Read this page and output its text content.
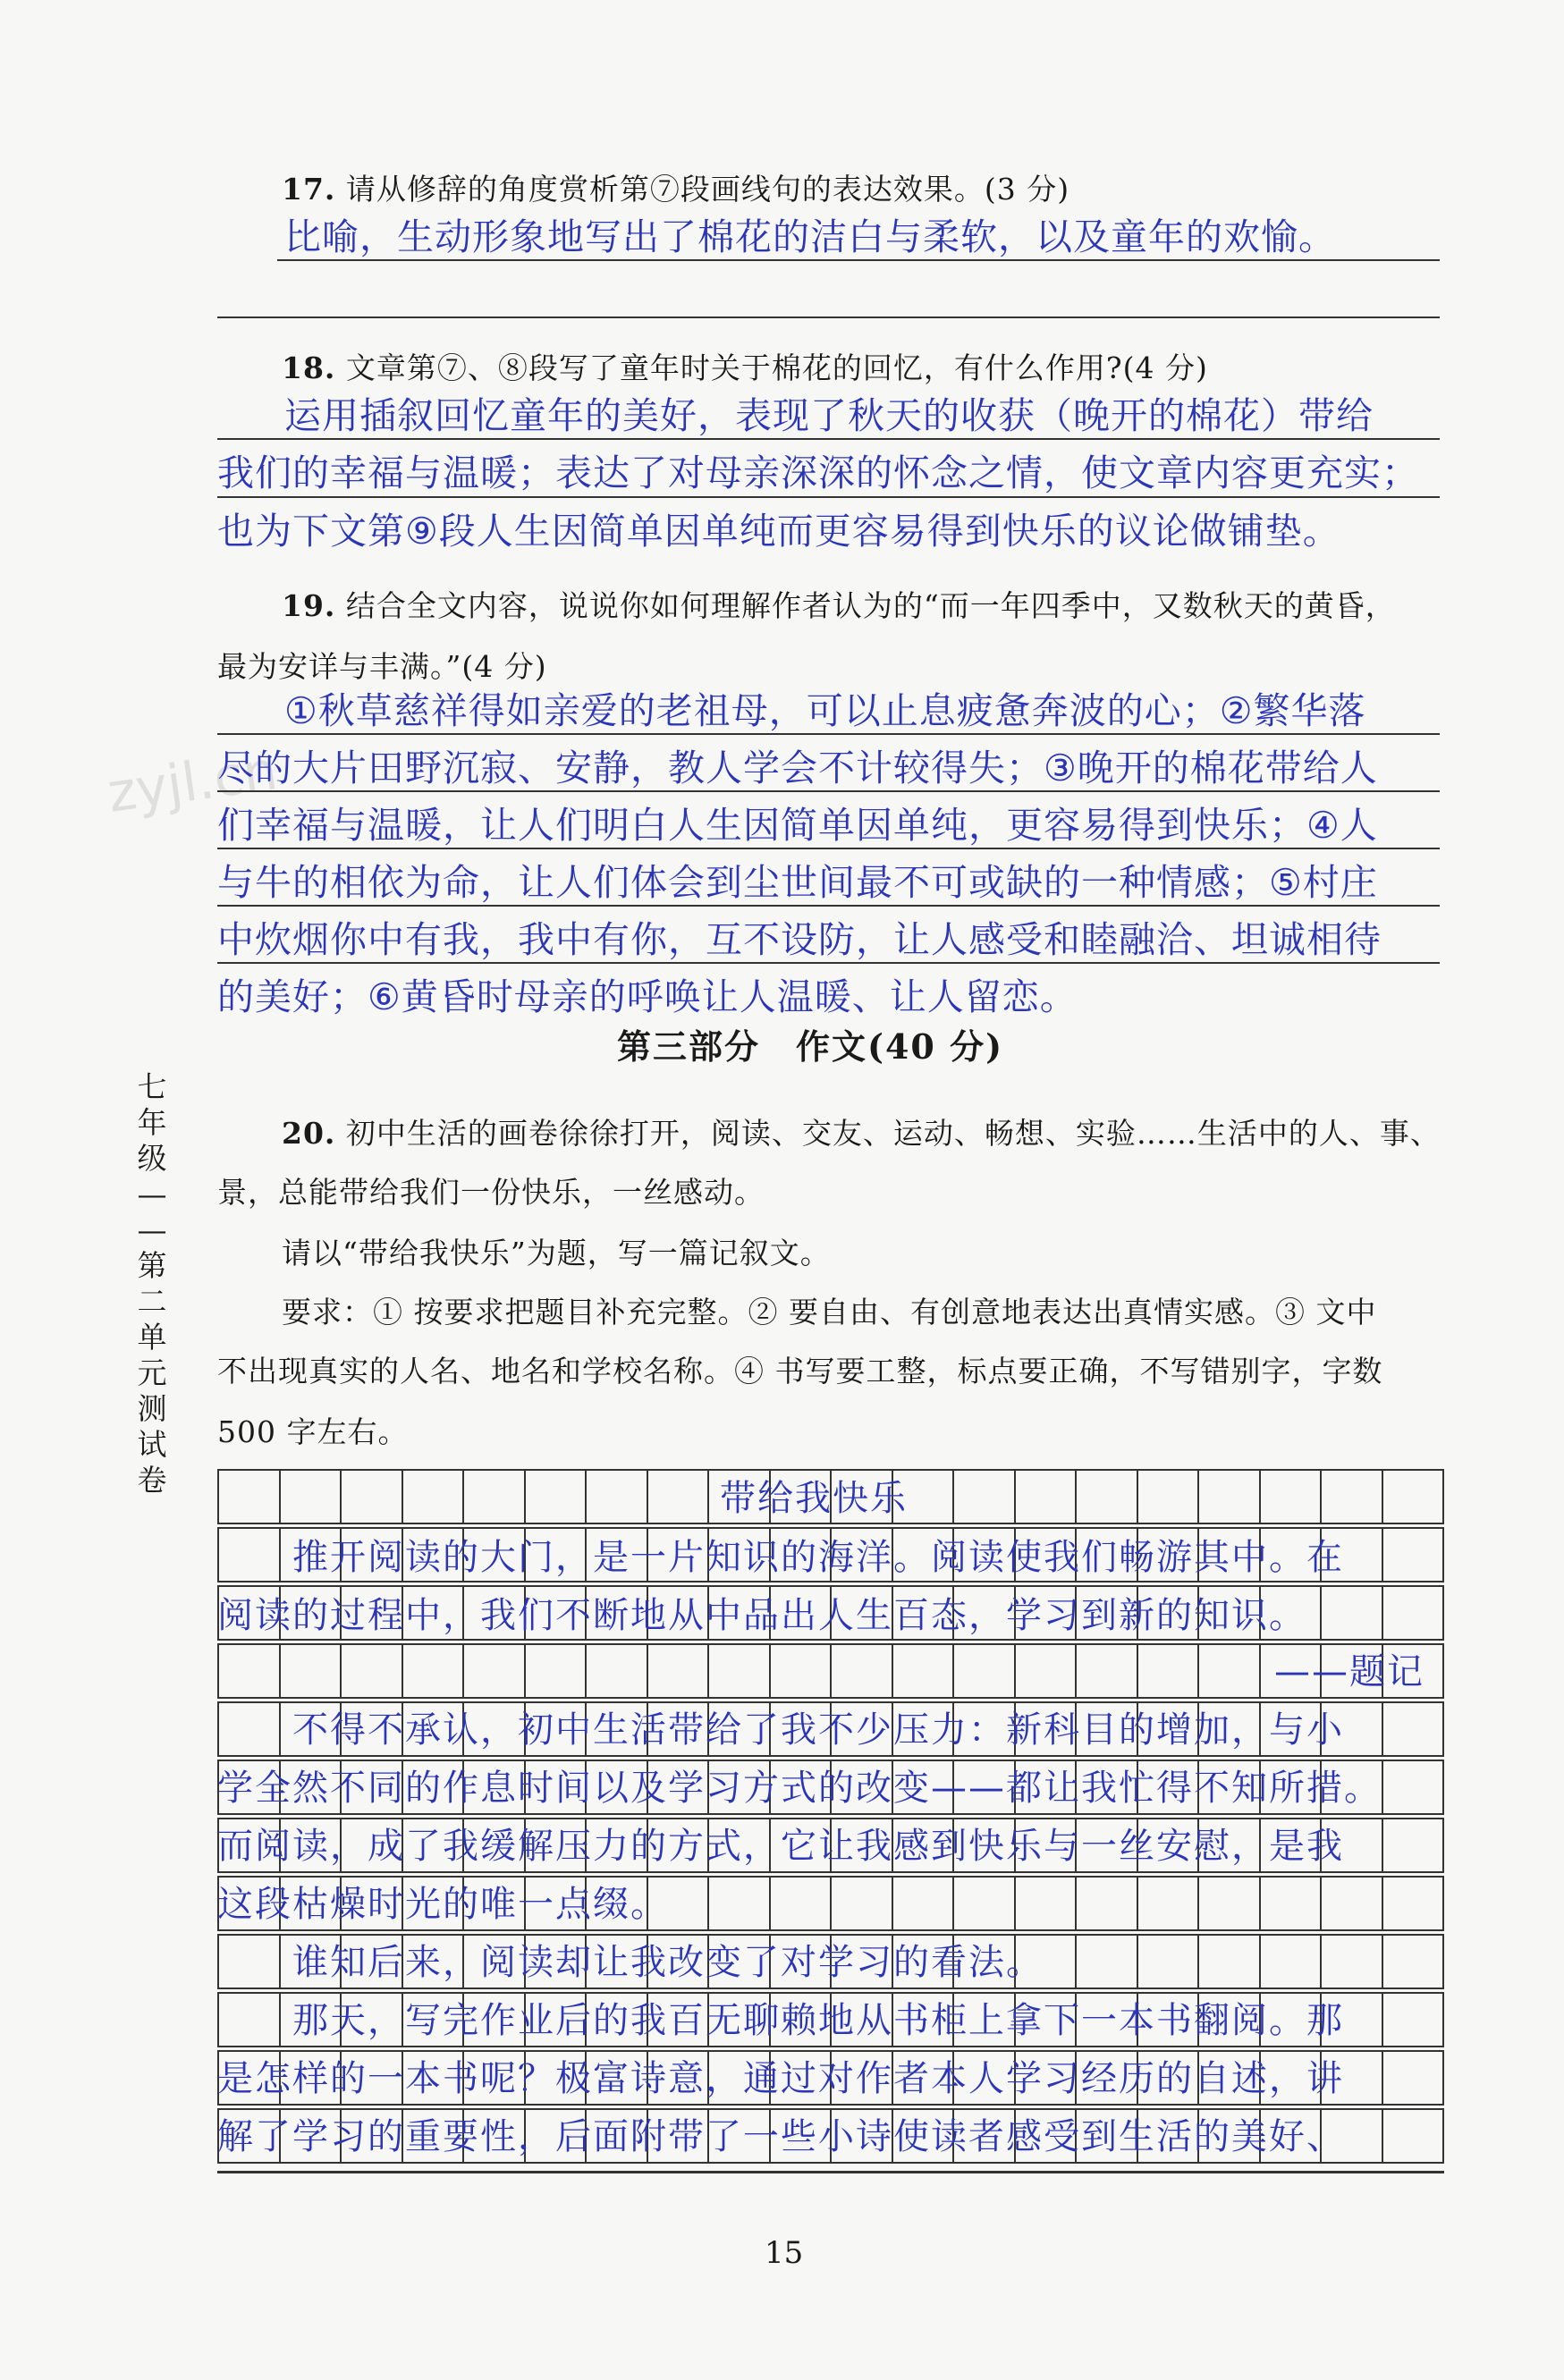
zyjl.cn
17. 请从修辞的角度赏析第⑦段画线句的表达效果。(3 分)
比喻，生动形象地写出了棉花的洁白与柔软，以及童年的欢愉。
18. 文章第⑦、⑧段写了童年时关于棉花的回忆，有什么作用?(4 分)
运用插叙回忆童年的美好，表现了秋天的收获（晚开的棉花）带给
我们的幸福与温暖；表达了对母亲深深的怀念之情，使文章内容更充实；
也为下文第⑨段人生因简单因单纯而更容易得到快乐的议论做铺垫。
19. 结合全文内容，说说你如何理解作者认为的“而一年四季中，又数秋天的黄昏，
最为安详与丰满。”(4 分)
①秋草慈祥得如亲爱的老祖母，可以止息疲惫奔波的心；②繁华落
尽的大片田野沉寂、安静，教人学会不计较得失；③晚开的棉花带给人
们幸福与温暖，让人们明白人生因简单因单纯，更容易得到快乐；④人
与牛的相依为命，让人们体会到尘世间最不可或缺的一种情感；⑤村庄
中炊烟你中有我，我中有你，互不设防，让人感受和睦融洽、坦诚相待
的美好；⑥黄昏时母亲的呼唤让人温暖、让人留恋。
第三部分　作文(40 分)
七
年
级
—
—
第
二
单
元
测
试
卷
20. 初中生活的画卷徐徐打开，阅读、交友、运动、畅想、实验……生活中的人、事、
景，总能带给我们一份快乐，一丝感动。
请以“带给我快乐”为题，写一篇记叙文。
要求：① 按要求把题目补充完整。② 要自由、有创意地表达出真情实感。③ 文中
不出现真实的人名、地名和学校名称。④ 书写要工整，标点要正确，不写错别字，字数
500 字左右。
带给我快乐
　　推开阅读的大门，是一片知识的海洋。阅读使我们畅游其中。在
阅读的过程中，我们不断地从中品出人生百态，学习到新的知识。
——题记
　　不得不承认，初中生活带给了我不少压力：新科目的增加，与小
学全然不同的作息时间以及学习方式的改变——都让我忙得不知所措。
而阅读，成了我缓解压力的方式，它让我感到快乐与一丝安慰，是我
这段枯燥时光的唯一点缀。
　　谁知后来，阅读却让我改变了对学习的看法。
　　那天，写完作业后的我百无聊赖地从书柜上拿下一本书翻阅。那
是怎样的一本书呢？极富诗意，通过对作者本人学习经历的自述，讲
解了学习的重要性，后面附带了一些小诗使读者感受到生活的美好、
15
